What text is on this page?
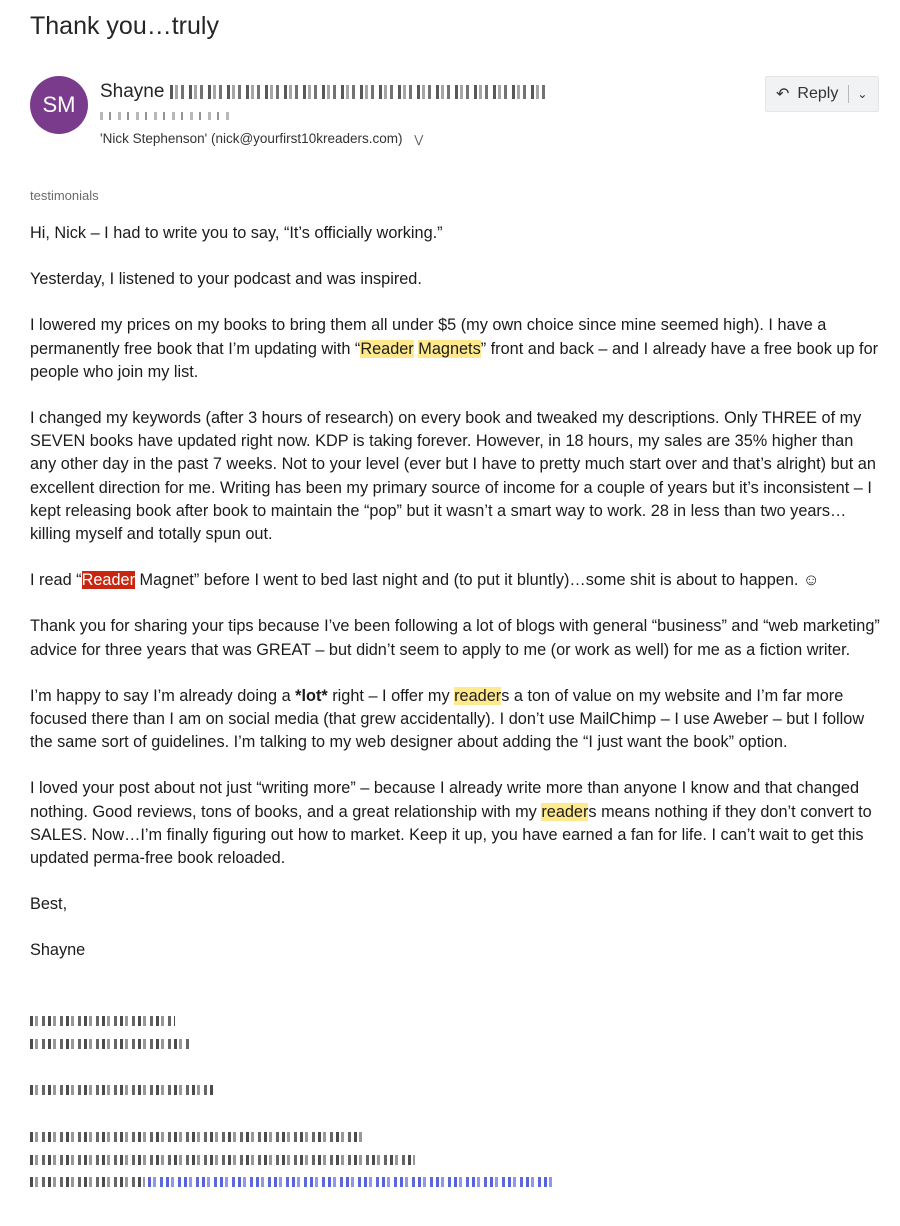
Thank you…truly
SM
Shayne
'Nick Stephenson' (nick@yourfirst10kreaders.com) ⋁
↶ Reply ⌄
testimonials

Hi, Nick – I had to write you to say, “It’s officially working.”

Yesterday, I listened to your podcast and was inspired.

I lowered my prices on my books to bring them all under $5 (my own choice since mine seemed high). I have a permanently free book that I’m updating with “Reader Magnets” front and back – and I already have a free book up for people who join my list.

I changed my keywords (after 3 hours of research) on every book and tweaked my descriptions. Only THREE of my SEVEN books have updated right now. KDP is taking forever. However, in 18 hours, my sales are 35% higher than any other day in the past 7 weeks. Not to your level (ever but I have to pretty much start over and that’s alright) but an excellent direction for me. Writing has been my primary source of income for a couple of years but it’s inconsistent – I kept releasing book after book to maintain the “pop” but it wasn’t a smart way to work. 28 in less than two years…killing myself and totally spun out.

I read “Reader Magnet” before I went to bed last night and (to put it bluntly)…some shit is about to happen. ☺

Thank you for sharing your tips because I’ve been following a lot of blogs with general “business” and “web marketing” advice for three years that was GREAT – but didn’t seem to apply to me (or work as well) for me as a fiction writer.

I’m happy to say I’m already doing a *lot* right – I offer my readers a ton of value on my website and I’m far more focused there than I am on social media (that grew accidentally). I don’t use MailChimp – I use Aweber – but I follow the same sort of guidelines. I’m talking to my web designer about adding the “I just want the book” option.

I loved your post about not just “writing more” – because I already write more than anyone I know and that changed nothing. Good reviews, tons of books, and a great relationship with my readers means nothing if they don’t convert to SALES. Now…I’m finally figuring out how to market. Keep it up, you have earned a fan for life. I can’t wait to get this updated perma-free book reloaded.

Best,

Shayne
